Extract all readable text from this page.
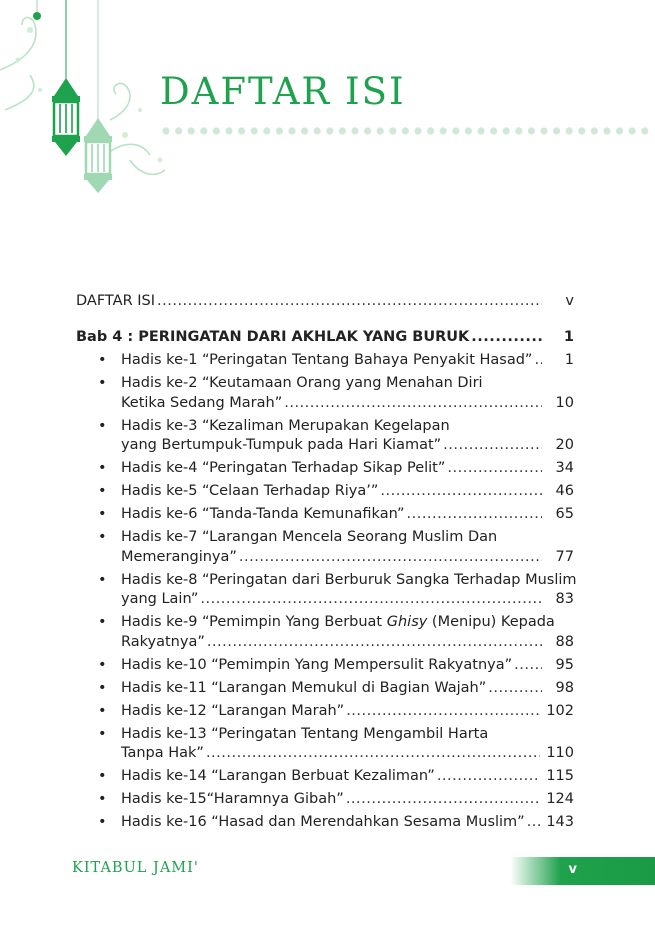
DAFTAR ISI
DAFTAR ISI .....	v
Bab 4 : PERINGATAN DARI AKHLAK YANG BURUK .....	1
• Hadis ke-1 “Peringatan Tentang Bahaya Penyakit Hasad” .....	1
• Hadis ke-2 “Keutamaan Orang yang Menahan Diri
Ketika Sedang Marah” .....	10
• Hadis ke-3 “Kezaliman Merupakan Kegelapan
yang Bertumpuk-Tumpuk pada Hari Kiamat” .....	20
• Hadis ke-4 “Peringatan Terhadap Sikap Pelit” .....	34
• Hadis ke-5 “Celaan Terhadap Riya’” .....	46
• Hadis ke-6 “Tanda-Tanda Kemunafikan” .....	65
• Hadis ke-7 “Larangan Mencela Seorang Muslim Dan
Memeranginya” .....	77
• Hadis ke-8 “Peringatan dari Berburuk Sangka Terhadap Muslim
yang Lain” .....	83
• Hadis ke-9 “Pemimpin Yang Berbuat Ghisy (Menipu) Kepada
Rakyatnya” .....	88
• Hadis ke-10 “Pemimpin Yang Mempersulit Rakyatnya” .....	95
• Hadis ke-11 “Larangan Memukul di Bagian Wajah” .....	98
• Hadis ke-12 “Larangan Marah” .....	102
• Hadis ke-13 “Peringatan Tentang Mengambil Harta
Tanpa Hak” .....	110
• Hadis ke-14 “Larangan Berbuat Kezaliman” .....	115
• Hadis ke-15“Haramnya Gibah” .....	124
• Hadis ke-16 “Hasad dan Merendahkan Sesama Muslim” ..... 143
KITABUL JAMI'	v
